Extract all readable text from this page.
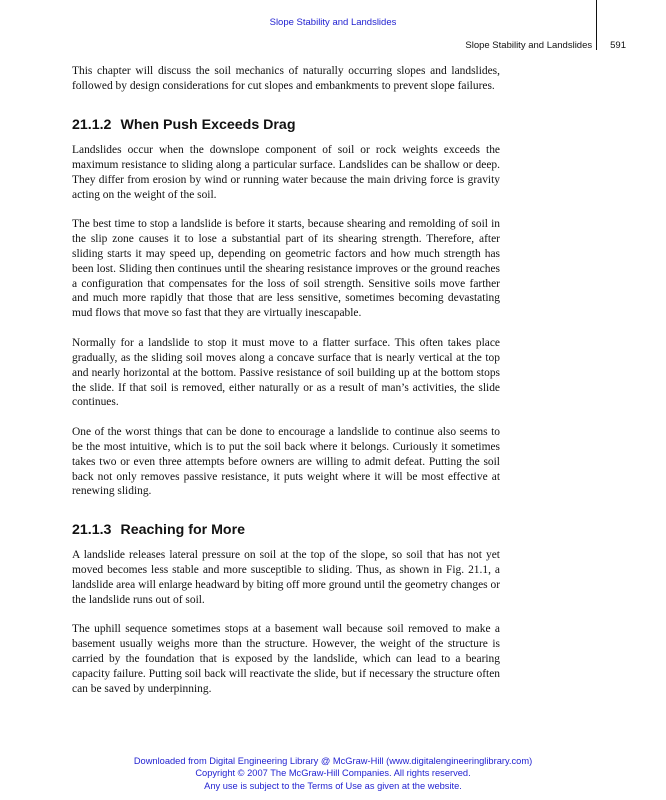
Slope Stability and Landslides
Slope Stability and Landslides 591

This chapter will discuss the soil mechanics of naturally occurring slopes and landslides, followed by design considerations for cut slopes and embankments to prevent slope failures.

21.1.2 When Push Exceeds Drag

Landslides occur when the downslope component of soil or rock weights exceeds the maximum resistance to sliding along a particular surface. Landslides can be shallow or deep. They differ from erosion by wind or running water because the main driving force is gravity acting on the weight of the soil.

The best time to stop a landslide is before it starts, because shearing and remolding of soil in the slip zone causes it to lose a substantial part of its shearing strength. Therefore, after sliding starts it may speed up, depending on geometric factors and how much strength has been lost. Sliding then continues until the shearing resistance improves or the ground reaches a configuration that compensates for the loss of soil strength. Sensitive soils move farther and much more rapidly that those that are less sensitive, sometimes becoming devastating mud flows that move so fast that they are virtually inescapable.

Normally for a landslide to stop it must move to a flatter surface. This often takes place gradually, as the sliding soil moves along a concave surface that is nearly vertical at the top and nearly horizontal at the bottom. Passive resistance of soil building up at the bottom stops the slide. If that soil is removed, either naturally or as a result of man’s activities, the slide continues.

One of the worst things that can be done to encourage a landslide to continue also seems to be the most intuitive, which is to put the soil back where it belongs. Curiously it sometimes takes two or even three attempts before owners are willing to admit defeat. Putting the soil back not only removes passive resistance, it puts weight where it will be most effective at renewing sliding.

21.1.3 Reaching for More

A landslide releases lateral pressure on soil at the top of the slope, so soil that has not yet moved becomes less stable and more susceptible to sliding. Thus, as shown in Fig. 21.1, a landslide area will enlarge headward by biting off more ground until the geometry changes or the landslide runs out of soil.

The uphill sequence sometimes stops at a basement wall because soil removed to make a basement usually weighs more than the structure. However, the weight of the structure is carried by the foundation that is exposed by the landslide, which can lead to a bearing capacity failure. Putting soil back will reactivate the slide, but if necessary the structure often can be saved by underpinning.

Downloaded from Digital Engineering Library @ McGraw-Hill (www.digitalengineeringlibrary.com)
Copyright © 2007 The McGraw-Hill Companies. All rights reserved.
Any use is subject to the Terms of Use as given at the website.
